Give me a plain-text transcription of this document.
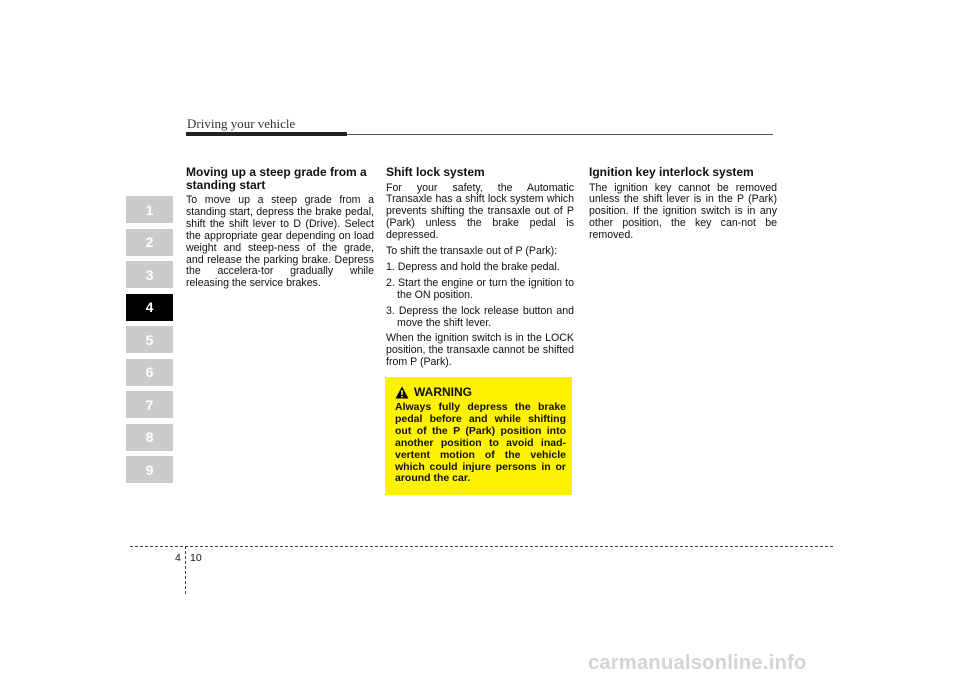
Driving your vehicle
1
2
3
4
5
6
7
8
9
Moving up a steep grade from a standing start

To move up a steep grade from a standing start, depress the brake pedal, shift the shift lever to D (Drive). Select the appropriate gear depending on load weight and steep-ness of the grade, and release the parking brake. Depress the accelera-tor gradually while releasing the service brakes.

Shift lock system

For your safety, the Automatic Transaxle has a shift lock system which prevents shifting the transaxle out of P (Park) unless the brake pedal is depressed.

To shift the transaxle out of P (Park):

1. Depress and hold the brake pedal.
2. Start the engine or turn the ignition to the ON position.
3. Depress the lock release button and move the shift lever.

When the ignition switch is in the LOCK position, the transaxle cannot be shifted from P (Park).

WARNING

Always fully depress the brake pedal before and while shifting out of the P (Park) position into another position to avoid inad-vertent motion of the vehicle which could injure persons in or around the car.

Ignition key interlock system

The ignition key cannot be removed unless the shift lever is in the P (Park) position. If the ignition switch is in any other position, the key can-not be removed.

4 10
carmanualsonline.info
